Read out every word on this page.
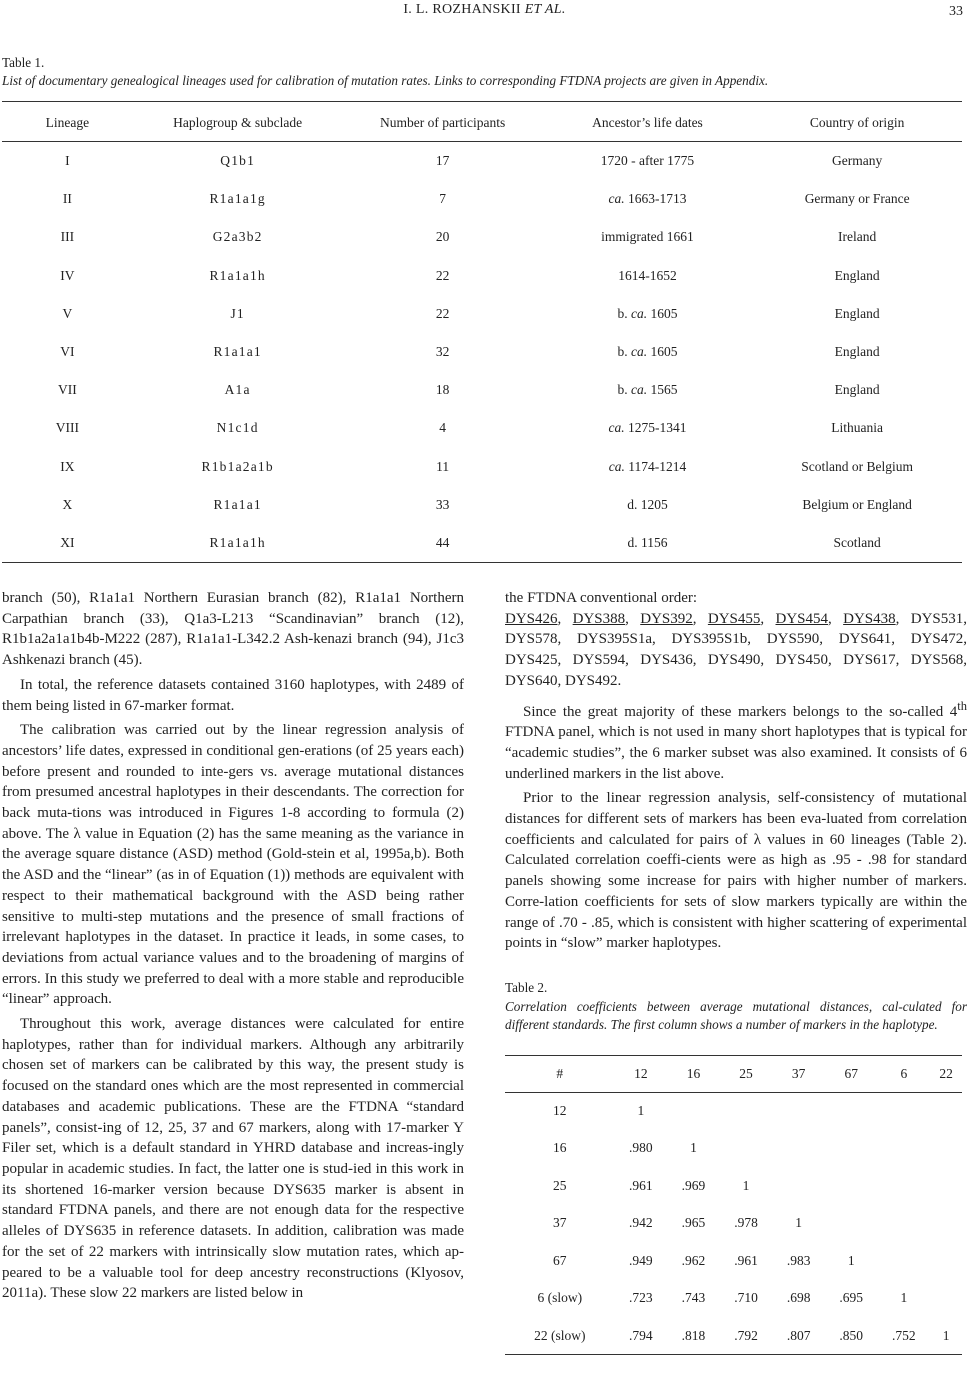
I. L. ROZHANSKII ET AL.	33
Table 1.
List of documentary genealogical lineages used for calibration of mutation rates. Links to corresponding FTDNA projects are given in Appendix.
Lineage	Haplogroup & subclade	Number of participants	Ancestor’s life dates	Country of origin
I	Q1b1	17	1720 - after 1775	Germany
II	R1a1a1g	7	ca. 1663-1713	Germany or France
III	G2a3b2	20	immigrated 1661	Ireland
IV	R1a1a1h	22	1614-1652	England
V	J1	22	b. ca. 1605	England
VI	R1a1a1	32	b. ca. 1605	England
VII	A1a	18	b. ca. 1565	England
VIII	N1c1d	4	ca. 1275-1341	Lithuania
IX	R1b1a2a1b	11	ca. 1174-1214	Scotland or Belgium
X	R1a1a1	33	d. 1205	Belgium or England
XI	R1a1a1h	44	d. 1156	Scotland

branch (50), R1a1a1 Northern Eurasian branch (82), R1a1a1 Northern Carpathian branch (33), Q1a3-L213 “Scandinavian” branch (12), R1b1a2a1a1b4b-M222 (287), R1a1a1-L342.2 Ash-kenazi branch (94), J1c3 Ashkenazi branch (45).

In total, the reference datasets contained 3160 haplotypes, with 2489 of them being listed in 67-marker format.

The calibration was carried out by the linear regression analysis of ancestors’ life dates, expressed in conditional gen-erations (of 25 years each) before present and rounded to inte-gers vs. average mutational distances from presumed ancestral haplotypes in their descendants. The correction for back muta-tions was introduced in Figures 1-8 according to formula (2) above. The λ value in Equation (2) has the same meaning as the variance in the average square distance (ASD) method (Gold-stein et al, 1995a,b). Both the ASD and the “linear” (as in of Equation (1)) methods are equivalent with respect to their mathematical background with the ASD being rather sensitive to multi-step mutations and the presence of small fractions of irrelevant haplotypes in the dataset. In practice it leads, in some cases, to deviations from actual variance values and to the broadening of margins of errors. In this study we preferred to deal with a more stable and reproducible “linear” approach.

Throughout this work, average distances were calculated for entire haplotypes, rather than for individual markers. Although any arbitrarily chosen set of markers can be calibrated by this way, the present study is focused on the standard ones which are the most represented in commercial databases and academic publications. These are the FTDNA “standard panels”, consist-ing of 12, 25, 37 and 67 markers, along with 17-marker Y Filer set, which is a default standard in YHRD database and increas-ingly popular in academic studies. In fact, the latter one is stud-ied in this work in its shortened 16-marker version because DYS635 marker is absent in standard FTDNA panels, and there are not enough data for the respective alleles of DYS635 in reference datasets. In addition, calibration was made for the set of 22 markers with intrinsically slow mutation rates, which ap-peared to be a valuable tool for deep ancestry reconstructions (Klyosov, 2011a). These slow 22 markers are listed below in

the FTDNA conventional order:

DYS426, DYS388, DYS392, DYS455, DYS454, DYS438, DYS531, DYS578, DYS395S1a, DYS395S1b, DYS590, DYS641, DYS472, DYS425, DYS594, DYS436, DYS490, DYS450, DYS617, DYS568, DYS640, DYS492.

Since the great majority of these markers belongs to the so-called 4th FTDNA panel, which is not used in many short haplotypes that is typical for “academic studies”, the 6 marker subset was also examined. It consists of 6 underlined markers in the list above.

Prior to the linear regression analysis, self-consistency of mutational distances for different sets of markers has been eva-luated from correlation coefficients and calculated for pairs of λ values in 60 lineages (Table 2). Calculated correlation coeffi-cients were as high as .95 - .98 for standard panels showing some increase for pairs with higher number of markers. Corre-lation coefficients for sets of slow markers typically are within the range of .70 - .85, which is consistent with higher scattering of experimental points in “slow” marker haplotypes.

Table 2.
Correlation coefficients between average mutational distances, cal-culated for different standards. The first column shows a number of markers in the haplotype.
#	12	16	25	37	67	6	22
12	1						
16	.980	1					
25	.961	.969	1				
37	.942	.965	.978	1			
67	.949	.962	.961	.983	1		
6 (slow)	.723	.743	.710	.698	.695	1	
22 (slow)	.794	.818	.792	.807	.850	.752	1
